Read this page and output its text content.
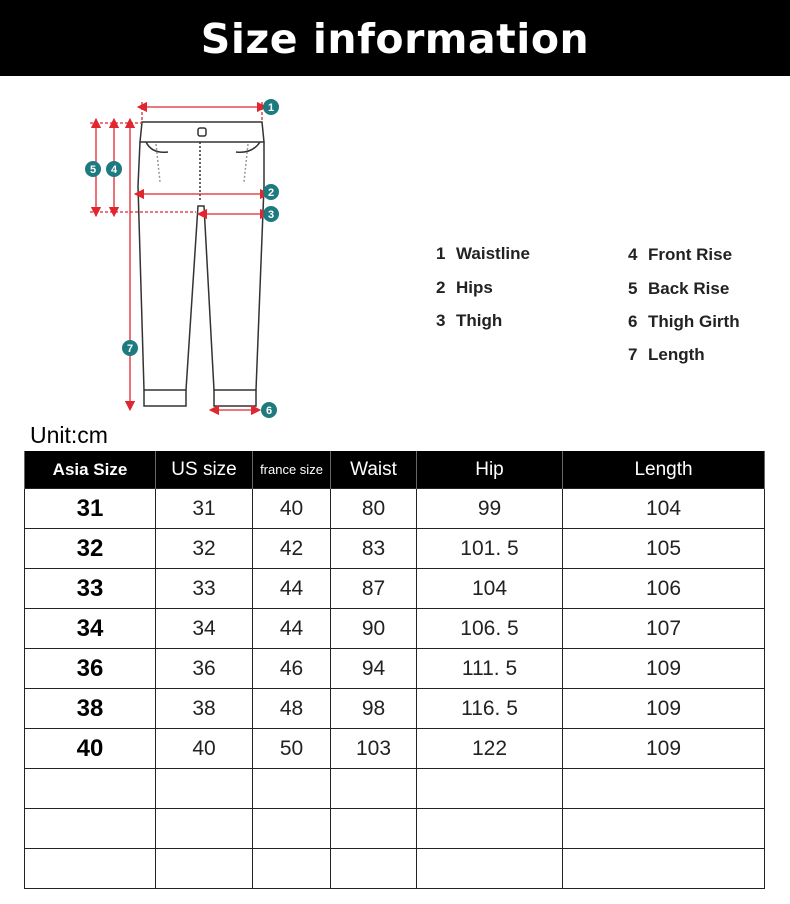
Size information
1
2
3
4
5
6
7
1 Waistline
2 Hips
3 Thigh
4 Front Rise
5 Back Rise
6 Thigh Girth
7 Length
Unit:cm
Asia Size	US size	france size	Waist	Hip	Length
31	31	40	80	99	104
32	32	42	83	101. 5	105
33	33	44	87	104	106
34	34	44	90	106. 5	107
36	36	46	94	111. 5	109
38	38	48	98	116. 5	109
40	40	50	103	122	109
